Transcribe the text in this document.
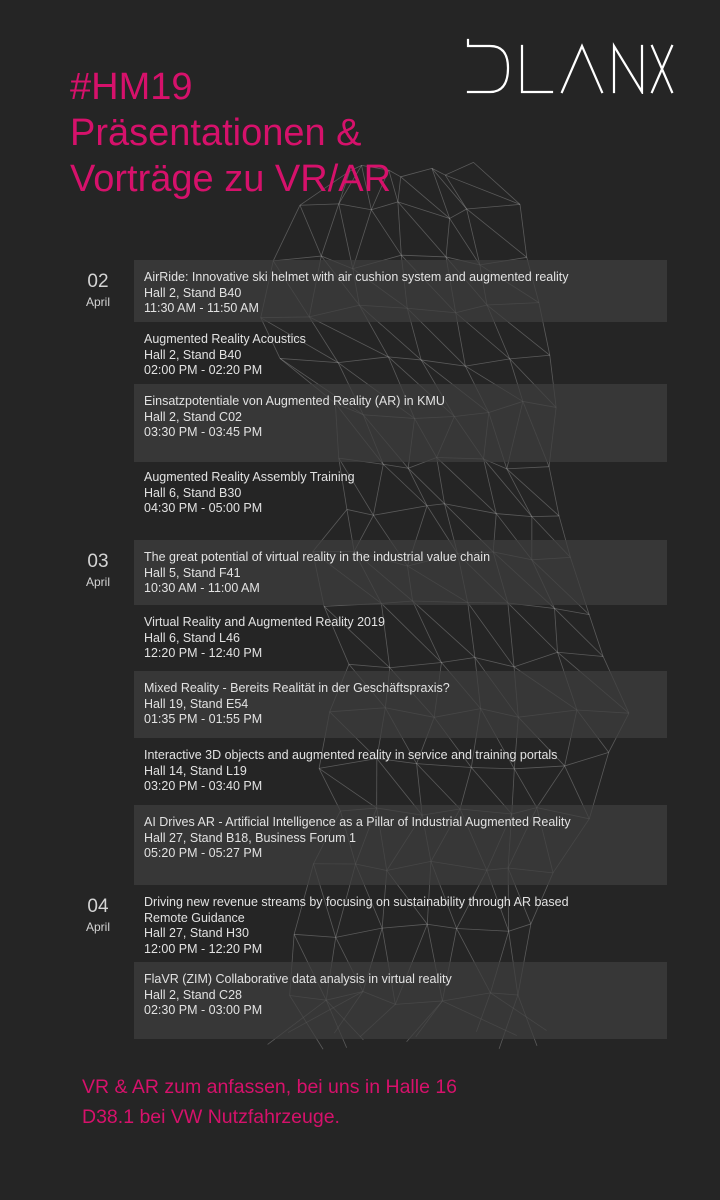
#HM19
Präsentationen &
Vorträge zu VR/AR
02
April
03
April
04
April
AirRide: Innovative ski helmet with air cushion system and augmented reality
Hall 2, Stand B40
11:30 AM - 11:50 AM
Augmented Reality Acoustics
Hall 2, Stand B40
02:00 PM - 02:20 PM
Einsatzpotentiale von Augmented Reality (AR) in KMU
Hall 2, Stand C02
03:30 PM - 03:45 PM
Augmented Reality Assembly Training
Hall 6, Stand B30
04:30 PM - 05:00 PM
The great potential of virtual reality in the industrial value chain
Hall 5, Stand F41
10:30 AM - 11:00 AM
Virtual Reality and Augmented Reality 2019
Hall 6, Stand L46
12:20 PM - 12:40 PM
Mixed Reality - Bereits Realität in der Geschäftspraxis?
Hall 19, Stand E54
01:35 PM - 01:55 PM
Interactive 3D objects and augmented reality in service and training portals
Hall 14, Stand L19
03:20 PM - 03:40 PM
AI Drives AR - Artificial Intelligence as a Pillar of Industrial Augmented Reality
Hall 27, Stand B18, Business Forum 1
05:20 PM - 05:27 PM
Driving new revenue streams by focusing on sustainability through AR based
Remote Guidance
Hall 27, Stand H30
12:00 PM - 12:20 PM
FlaVR (ZIM) Collaborative data analysis in virtual reality
Hall 2, Stand C28
02:30 PM - 03:00 PM
VR & AR zum anfassen, bei uns in Halle 16
D38.1 bei VW Nutzfahrzeuge.
